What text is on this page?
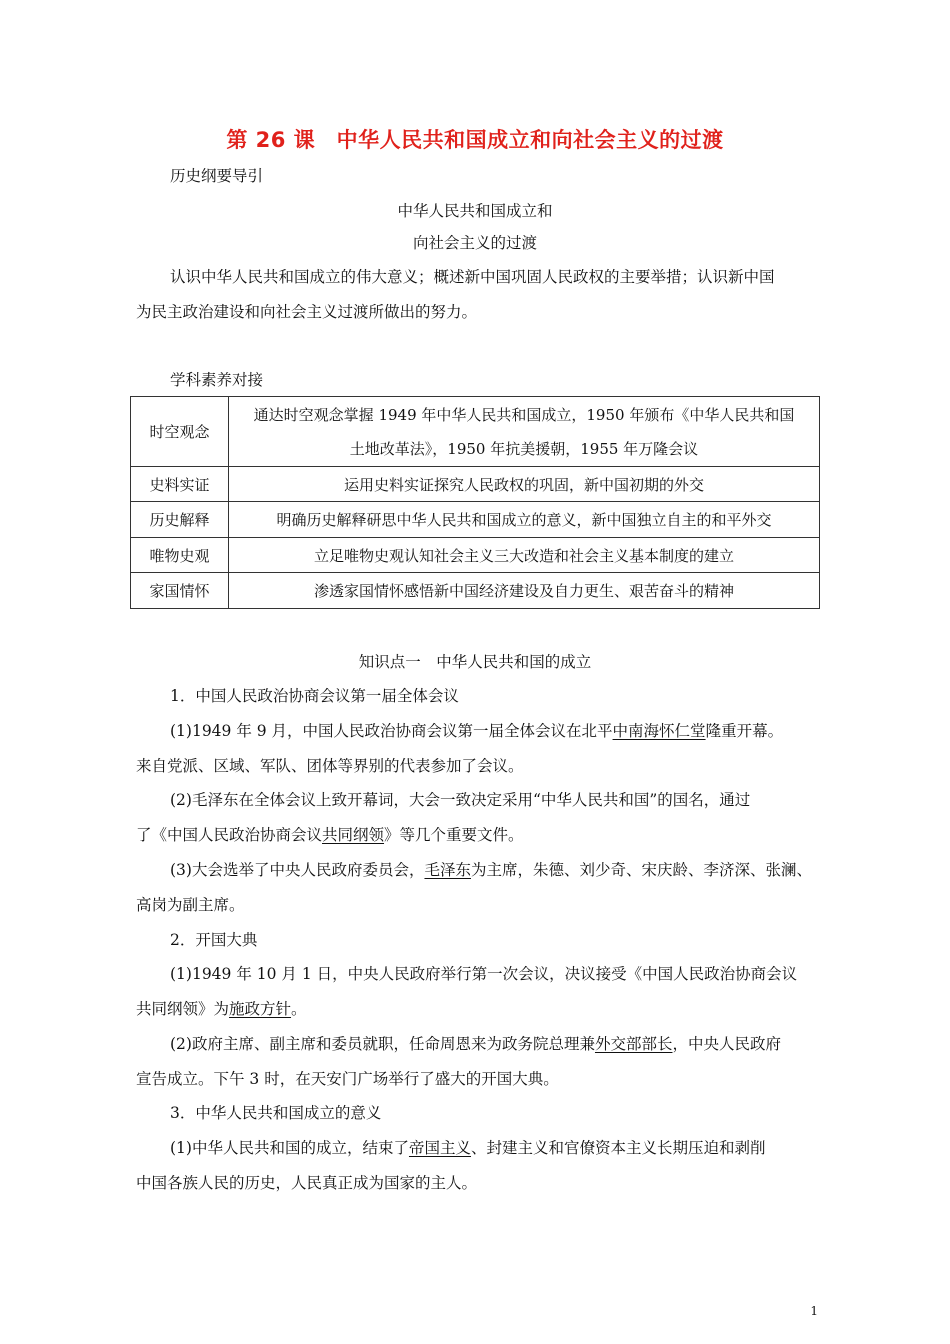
第 26 课　中华人民共和国成立和向社会主义的过渡
历史纲要导引
中华人民共和国成立和
向社会主义的过渡
认识中华人民共和国成立的伟大意义；概述新中国巩固人民政权的主要举措；认识新中国
为民主政治建设和向社会主义过渡所做出的努力。
学科素养对接
时空观念	通达时空观念掌握 1949 年中华人民共和国成立，1950 年颁布《中华人民共和国
土地改革法》，1950 年抗美援朝，1955 年万隆会议

史料实证	运用史料实证探究人民政权的巩固，新中国初期的外交
历史解释	明确历史解释研思中华人民共和国成立的意义，新中国独立自主的和平外交
唯物史观	立足唯物史观认知社会主义三大改造和社会主义基本制度的建立
家国情怀	渗透家国情怀感悟新中国经济建设及自力更生、艰苦奋斗的精神
知识点一　中华人民共和国的成立
1．中国人民政治协商会议第一届全体会议
(1)1949 年 9 月，中国人民政治协商会议第一届全体会议在北平中南海怀仁堂隆重开幕。
来自党派、区域、军队、团体等界别的代表参加了会议。
(2)毛泽东在全体会议上致开幕词，大会一致决定采用“中华人民共和国”的国名，通过
了《中国人民政治协商会议共同纲领》等几个重要文件。
(3)大会选举了中央人民政府委员会，毛泽东为主席，朱德、刘少奇、宋庆龄、李济深、张澜、
高岗为副主席。
2．开国大典
(1)1949 年 10 月 1 日，中央人民政府举行第一次会议，决议接受《中国人民政治协商会议
共同纲领》为施政方针。
(2)政府主席、副主席和委员就职，任命周恩来为政务院总理兼外交部部长，中央人民政府
宣告成立。下午 3 时，在天安门广场举行了盛大的开国大典。
3．中华人民共和国成立的意义
(1)中华人民共和国的成立，结束了帝国主义、封建主义和官僚资本主义长期压迫和剥削
中国各族人民的历史，人民真正成为国家的主人。
1
